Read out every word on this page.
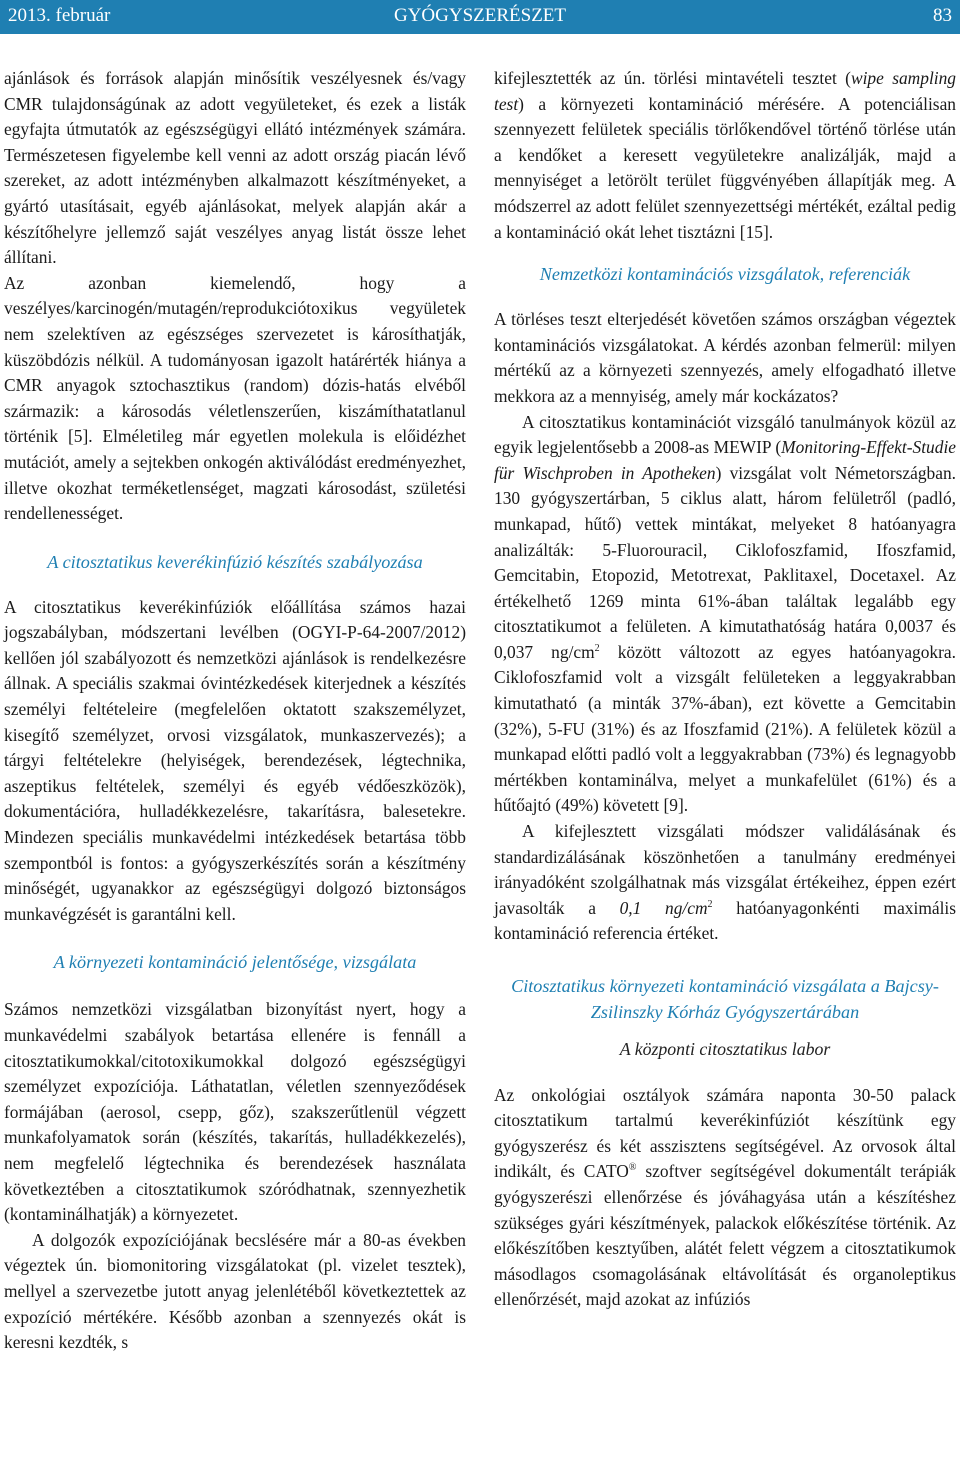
2013. február	GYÓGYSZERÉSZET	83

ajánlások és források alapján minősítik veszélyesnek és/vagy CMR tulajdonságúnak az adott vegyületeket, és ezek a listák egyfajta útmutatók az egészségügyi ellátó intézmények számára. Természetesen figyelembe kell venni az adott ország piacán lévő szereket, az adott intézményben alkalmazott készítményeket, a gyártó utasításait, egyéb ajánlásokat, melyek alapján akár a készítőhelyre jellemző saját veszélyes anyag listát össze lehet állítani.

Az azonban kiemelendő, hogy a veszélyes/karcinogén/mutagén/reprodukciótoxikus vegyületek nem szelektíven az egészséges szervezetet is károsíthatják, küszöbdózis nélkül. A tudományosan igazolt határérték hiánya a CMR anyagok sztochasztikus (random) dózis-hatás elvéből származik: a károsodás véletlenszerűen, kiszámíthatatlanul történik [5]. Elméletileg már egyetlen molekula is előidézhet mutációt, amely a sejtekben onkogén aktiválódást eredményezhet, illetve okozhat terméketlenséget, magzati károsodást, születési rendellenességet.

A citosztatikus keverékinfúzió készítés szabályozása

A citosztatikus keverékinfúziók előállítása számos hazai jogszabályban, módszertani levélben (OGYI-P-64-2007/2012) kellően jól szabályozott és nemzetközi ajánlások is rendelkezésre állnak. A speciális szakmai óvintézkedések kiterjednek a készítés személyi feltételeire (megfelelően oktatott szakszemélyzet, kisegítő személyzet, orvosi vizsgálatok, munkaszervezés); a tárgyi feltételekre (helyiségek, berendezések, légtechnika, aszeptikus feltételek, személyi és egyéb védőeszközök), dokumentációra, hulladékkezelésre, takarításra, balesetekre. Mindezen speciális munkavédelmi intézkedések betartása több szempontból is fontos: a gyógyszerkészítés során a készítmény minőségét, ugyanakkor az egészségügyi dolgozó biztonságos munkavégzését is garantálni kell.

A környezeti kontamináció jelentősége, vizsgálata

Számos nemzetközi vizsgálatban bizonyítást nyert, hogy a munkavédelmi szabályok betartása ellenére is fennáll a citosztatikumokkal/citotoxikumokkal dolgozó egészségügyi személyzet expozíciója. Láthatatlan, véletlen szennyeződések formájában (aerosol, csepp, gőz), szakszerűtlenül végzett munkafolyamatok során (készítés, takarítás, hulladékkezelés), nem megfelelő légtechnika és berendezések használata következtében a citosztatikumok szóródhatnak, szennyezhetik (kontaminálhatják) a környezetet.

A dolgozók expozíciójának becslésére már a 80-as években végeztek ún. biomonitoring vizsgálatokat (pl. vizelet tesztek), mellyel a szervezetbe jutott anyag jelenlétéből következtettek az expozíció mértékére. Később azonban a szennyezés okát is keresni kezdték, s

kifejlesztették az ún. törlési mintavételi tesztet (wipe sampling test) a környezeti kontamináció mérésére. A potenciálisan szennyezett felületek speciális törlőkendővel történő törlése után a kendőket a keresett vegyületekre analizálják, majd a mennyiséget a letörölt terület függvényében állapítják meg. A módszerrel az adott felület szennyezettségi mértékét, ezáltal pedig a kontamináció okát lehet tisztázni [15].

Nemzetközi kontaminációs vizsgálatok, referenciák

A törléses teszt elterjedését követően számos országban végeztek kontaminációs vizsgálatokat. A kérdés azonban felmerül: milyen mértékű az a környezeti szennyezés, amely elfogadható illetve mekkora az a mennyiség, amely már kockázatos?

A citosztatikus kontaminációt vizsgáló tanulmányok közül az egyik legjelentősebb a 2008-as MEWIP (Monitoring-Effekt-Studie für Wischproben in Apotheken) vizsgálat volt Németországban. 130 gyógyszertárban, 5 ciklus alatt, három felületről (padló, munkapad, hűtő) vettek mintákat, melyeket 8 hatóanyagra analizálták: 5-Fluorouracil, Ciklofoszfamid, Ifoszfamid, Gemcitabin, Etopozid, Metotrexat, Paklitaxel, Docetaxel. Az értékelhető 1269 minta 61%-ában találtak legalább egy citosztatikumot a felületen. A kimutathatóság határa 0,0037 és 0,037 $ng/cm^2$ között változott az egyes hatóanyagokra. Ciklofoszfamid volt a vizsgált felületeken a leggyakrabban kimutatható (a minták 37%-ában), ezt követte a Gemcitabin (32%), 5-FU (31%) és az Ifoszfamid (21%). A felületek közül a munkapad előtti padló volt a leggyakrabban (73%) és legnagyobb mértékben kontaminálva, melyet a munkafelület (61%) és a hűtőajtó (49%) követett [9].

A kifejlesztett vizsgálati módszer validálásának és standardizálásának köszönhetően a tanulmány eredményei irányadóként szolgálhatnak más vizsgálat értékeihez, éppen ezért javasolták a 0,1 $ng/cm^2$ hatóanyagonkénti maximális kontamináció referencia értéket.

Citosztatikus környezeti kontamináció vizsgálata a Bajcsy-Zsilinszky Kórház Gyógyszertárában
A központi citosztatikus labor

Az onkológiai osztályok számára naponta 30-50 palack citosztatikum tartalmú keverékinfúziót készítünk egy gyógyszerész és két asszisztens segítségével. Az orvosok által indikált, és CATO® szoftver segítségével dokumentált terápiák gyógyszerészi ellenőrzése és jóváhagyása után a készítéshez szükséges gyári készítmények, palackok előkészítése történik. Az előkészítőben kesztyűben, alátét felett végzem a citosztatikumok másodlagos csomagolásának eltávolítását és organoleptikus ellenőrzését, majd azokat az infúziós
